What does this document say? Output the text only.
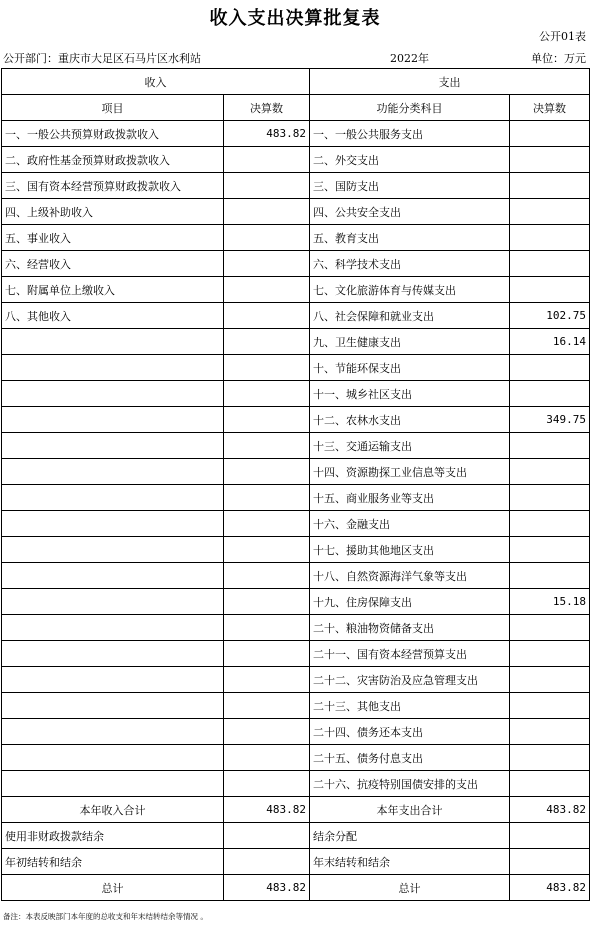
收入支出决算批复表
公开01表
公开部门：重庆市大足区石马片区水利站	2022年	单位：万元
收入		支出	
项目	决算数	功能分类科目	决算数
一、一般公共预算财政拨款收入	483.82	一、一般公共服务支出	
二、政府性基金预算财政拨款收入		二、外交支出	
三、国有资本经营预算财政拨款收入		三、国防支出	
四、上级补助收入		四、公共安全支出	
五、事业收入		五、教育支出	
六、经营收入		六、科学技术支出	
七、附属单位上缴收入		七、文化旅游体育与传媒支出	
八、其他收入		八、社会保障和就业支出	102.75
		九、卫生健康支出	16.14
		十、节能环保支出	
		十一、城乡社区支出	
		十二、农林水支出	349.75
		十三、交通运输支出	
		十四、资源勘探工业信息等支出	
		十五、商业服务业等支出	
		十六、金融支出	
		十七、援助其他地区支出	
		十八、自然资源海洋气象等支出	
		十九、住房保障支出	15.18
		二十、粮油物资储备支出	
		二十一、国有资本经营预算支出	
		二十二、灾害防治及应急管理支出	
		二十三、其他支出	
		二十四、债务还本支出	
		二十五、债务付息支出	
		二十六、抗疫特别国债安排的支出	
本年收入合计	483.82	本年支出合计	483.82
使用非财政拨款结余		结余分配	
年初结转和结余		年末结转和结余	
总计	483.82	总计	483.82
备注：本表反映部门本年度的总收支和年末结转结余等情况 。
